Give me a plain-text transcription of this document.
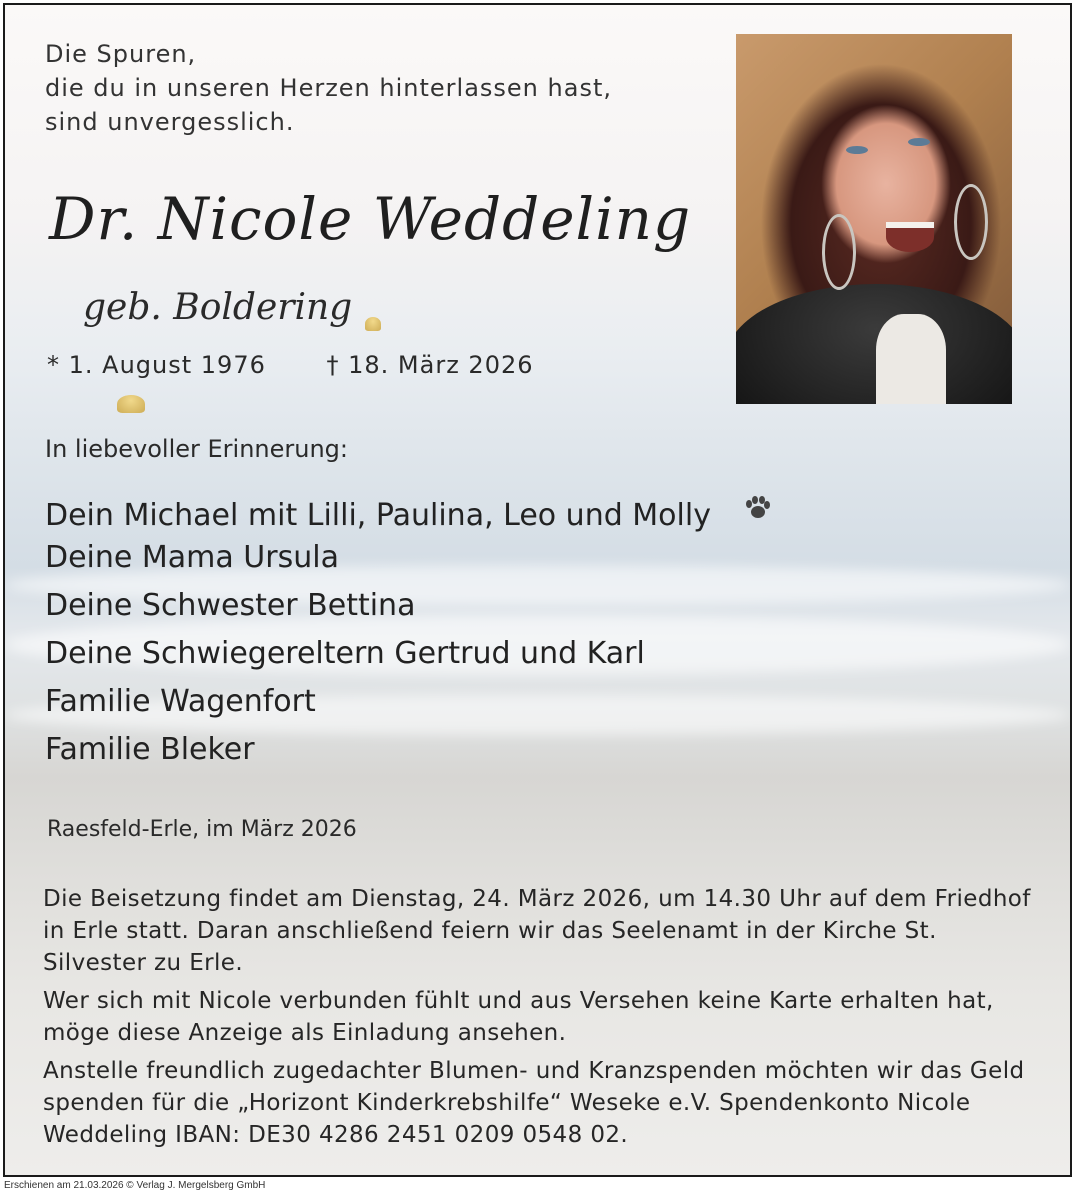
Die Spuren,
die du in unseren Herzen hinterlassen hast,
sind unvergesslich.
Dr. Nicole Weddeling
geb. Boldering
* 1. August 1976	† 18. März 2026
In liebevoller Erinnerung:
Dein Michael mit Lilli, Paulina, Leo und Molly
Deine Mama Ursula
Deine Schwester Bettina
Deine Schwiegereltern Gertrud und Karl
Familie Wagenfort
Familie Bleker
Raesfeld-Erle, im März 2026

Die Beisetzung findet am Dienstag, 24. März 2026, um 14.30 Uhr auf dem Friedhof in Erle statt. Daran anschließend feiern wir das Seelenamt in der Kirche St. Silvester zu Erle.

Wer sich mit Nicole verbunden fühlt und aus Versehen keine Karte erhalten hat, möge diese Anzeige als Einladung ansehen.

Anstelle freundlich zugedachter Blumen- und Kranzspenden möchten wir das Geld spenden für die „Horizont Kinderkrebshilfe“ Weseke e.V. Spendenkonto Nicole Weddeling IBAN: DE30 4286 2451 0209 0548 02.

Erschienen am 21.03.2026 © Verlag J. Mergelsberg GmbH
